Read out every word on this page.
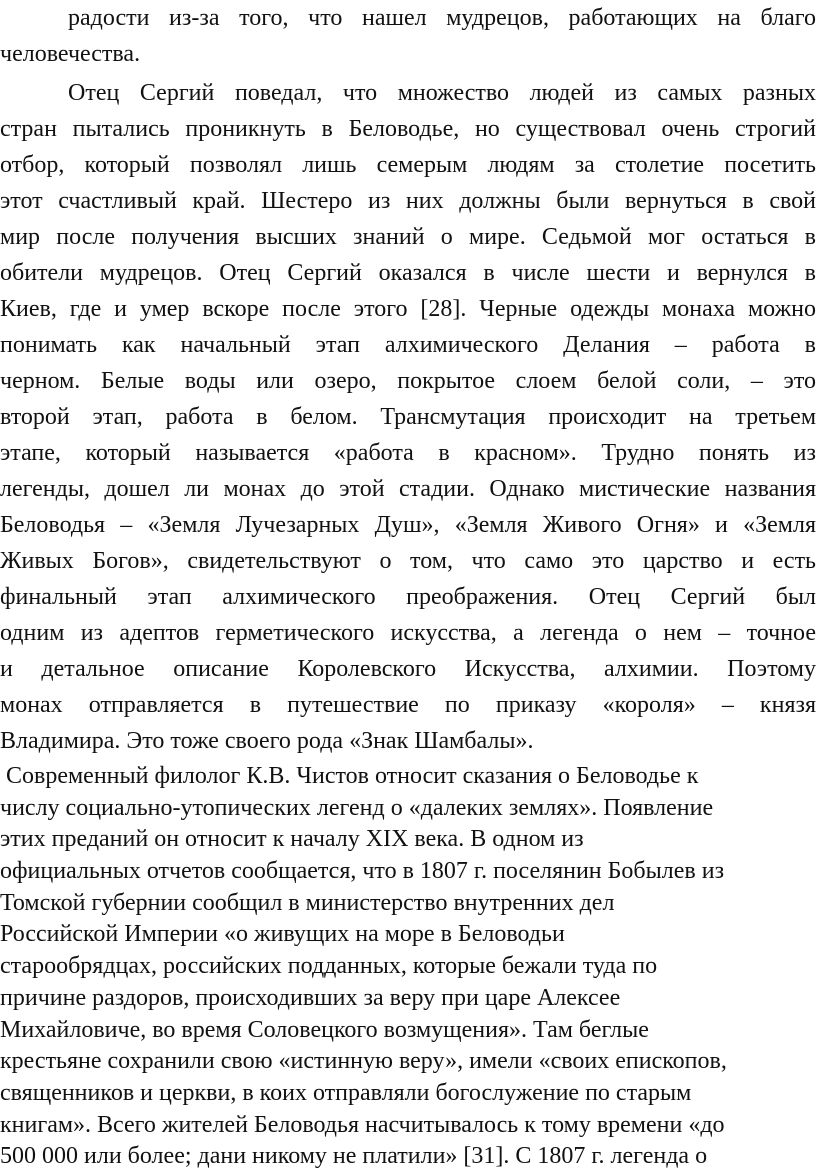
радости из-за того, что нашел мудрецов, работающих на благо
человечества.
Отец Сергий поведал, что множество людей из самых разных
стран пытались проникнуть в Беловодье, но существовал очень строгий
отбор, который позволял лишь семерым людям за столетие посетить
этот счастливый край. Шестеро из них должны были вернуться в свой
мир после получения высших знаний о мире. Седьмой мог остаться в
обители мудрецов. Отец Сергий оказался в числе шести и вернулся в
Киев, где и умер вскоре после этого [28]. Черные одежды монаха можно
понимать как начальный этап алхимического Делания – работа в
черном. Белые воды или озеро, покрытое слоем белой соли, – это
второй этап, работа в белом. Трансмутация происходит на третьем
этапе, который называется «работа в красном». Трудно понять из
легенды, дошел ли монах до этой стадии. Однако мистические названия
Беловодья – «Земля Лучезарных Душ», «Земля Живого Огня» и «Земля
Живых Богов», свидетельствуют о том, что само это царство и есть
финальный этап алхимического преображения. Отец Сергий был
одним из адептов герметического искусства, а легенда о нем – точное
и детальное описание Королевского Искусства, алхимии. Поэтому
монах отправляется в путешествие по приказу «короля» – князя
Владимира. Это тоже своего рода «Знак Шамбалы».
Современный филолог К.В. Чистов относит сказания о Беловодье к
числу социально-утопических легенд о «далеких землях». Появление
этих преданий он относит к началу XIX века. В одном из
официальных отчетов сообщается, что в 1807 г. поселянин Бобылев из
Томской губернии сообщил в министерство внутренних дел
Российской Империи «о живущих на море в Беловодьи
старообрядцах, российских подданных, которые бежали туда по
причине раздоров, происходивших за веру при царе Алексее
Михайловиче, во время Соловецкого возмущения». Там беглые
крестьяне сохранили свою «истинную веру», имели «своих епископов,
священников и церкви, в коих отправляли богослужение по старым
книгам». Всего жителей Беловодья насчитывалось к тому времени «до
500 000 или более; дани никому не платили» [31]. С 1807 г. легенда о
